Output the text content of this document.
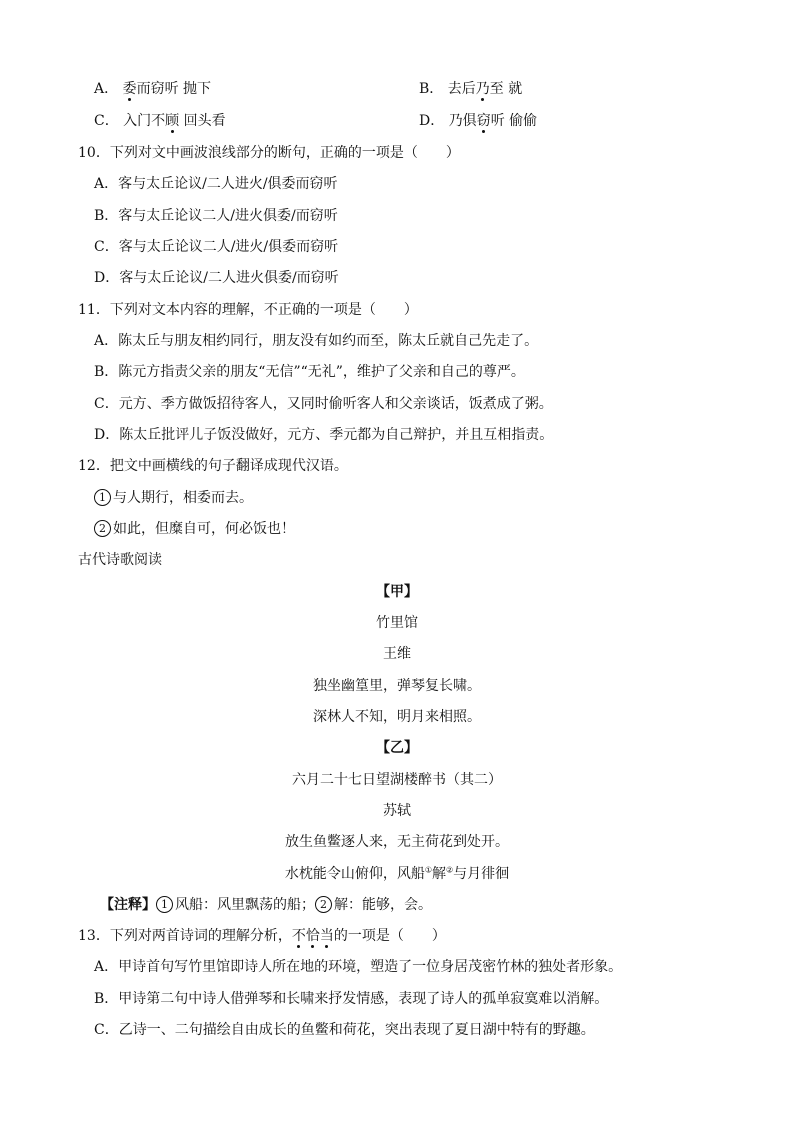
A． 委而窃听 抛下	B． 去后乃至 就
C． 入门不顾 回头看	D． 乃俱窃听 偷偷
10．下列对文中画波浪线部分的断句，正确的一项是（　　）
A．客与太丘论议/二人进火/俱委而窃听
B．客与太丘论议二人/进火俱委/而窃听
C．客与太丘论议二人/进火/俱委而窃听
D．客与太丘论议/二人进火俱委/而窃听
11．下列对文本内容的理解，不正确的一项是（　　）
A．陈太丘与朋友相约同行，朋友没有如约而至，陈太丘就自己先走了。
B．陈元方指责父亲的朋友“无信”“无礼”，维护了父亲和自己的尊严。
C．元方、季方做饭招待客人，又同时偷听客人和父亲谈话，饭煮成了粥。
D．陈太丘批评儿子饭没做好，元方、季元都为自己辩护，并且互相指责。
12．把文中画横线的句子翻译成现代汉语。
1 与人期行，相委而去。
2 如此，但糜自可，何必饭也！
古代诗歌阅读
【甲】
竹里馆
王维
独坐幽篁里，弹琴复长啸。
深林人不知，明月来相照。
【乙】
六月二十七日望湖楼醉书（其二）
苏轼
放生鱼鳖逐人来，无主荷花到处开。
水枕能令山俯仰，风船①解②与月徘徊
【注释】 1 风船：风里飘荡的船； 2 解：能够，会。
13．下列对两首诗词的理解分析，不恰当的一项是（　　）
A．甲诗首句写竹里馆即诗人所在地的环境，塑造了一位身居茂密竹林的独处者形象。
B．甲诗第二句中诗人借弹琴和长啸来抒发情感，表现了诗人的孤单寂寞难以消解。
C．乙诗一、二句描绘自由成长的鱼鳖和荷花，突出表现了夏日湖中特有的野趣。
